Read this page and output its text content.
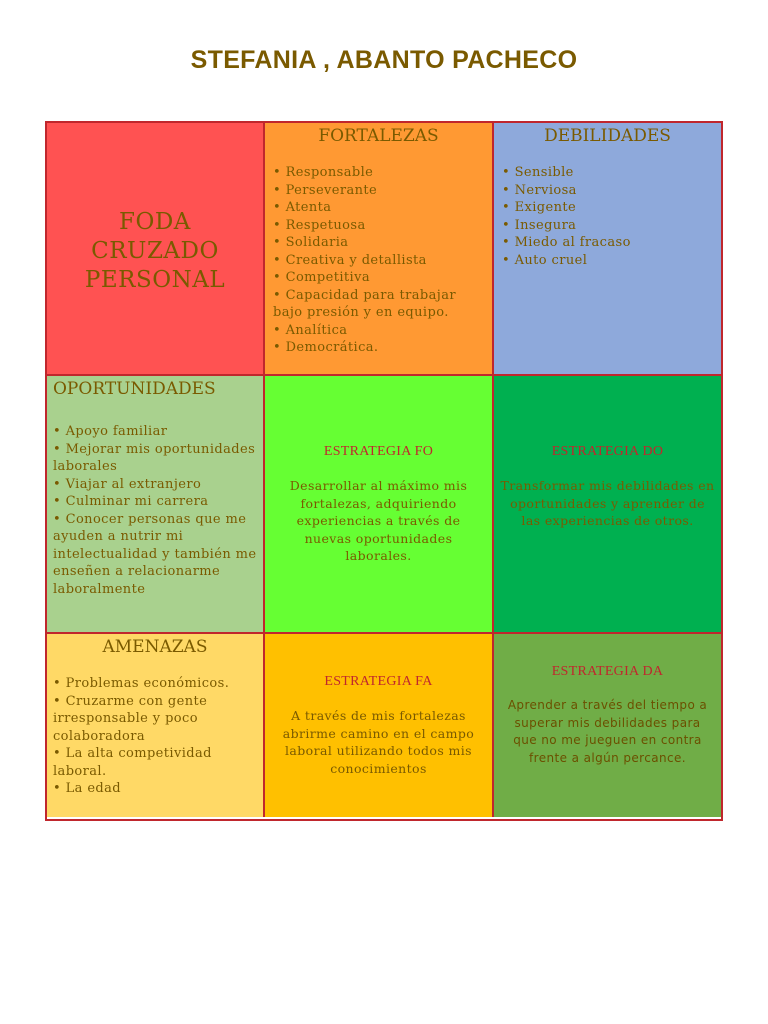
STEFANIA , ABANTO PACHECO
FODA
CRUZADO
PERSONAL
FORTALEZAS
• Responsable
• Perseverante
• Atenta
• Respetuosa
• Solidaria
• Creativa y detallista
• Competitiva
• Capacidad para trabajar bajo presión y en equipo.
• Analítica
• Democrática.
DEBILIDADES
• Sensible
• Nerviosa
• Exigente
• Insegura
• Miedo al fracaso
• Auto cruel
OPORTUNIDADES
• Apoyo familiar
• Mejorar mis oportunidades laborales
• Viajar al extranjero
• Culminar mi carrera
• Conocer personas que me ayuden a nutrir mi intelectualidad y también me enseñen a relacionarme laboralmente
ESTRATEGIA FO
Desarrollar al máximo mis fortalezas, adquiriendo experiencias a través de nuevas oportunidades laborales.
ESTRATEGIA DO
Transformar mis debilidades en oportunidades y aprender de las experiencias de otros.
AMENAZAS
• Problemas económicos.
• Cruzarme con gente irresponsable y poco colaboradora
• La alta competividad laboral.
• La edad
ESTRATEGIA FA
A través de mis fortalezas abrirme camino en el campo laboral utilizando todos mis conocimientos
ESTRATEGIA DA
Aprender a través del tiempo a superar mis debilidades para que no me jueguen en contra frente a algún percance.
